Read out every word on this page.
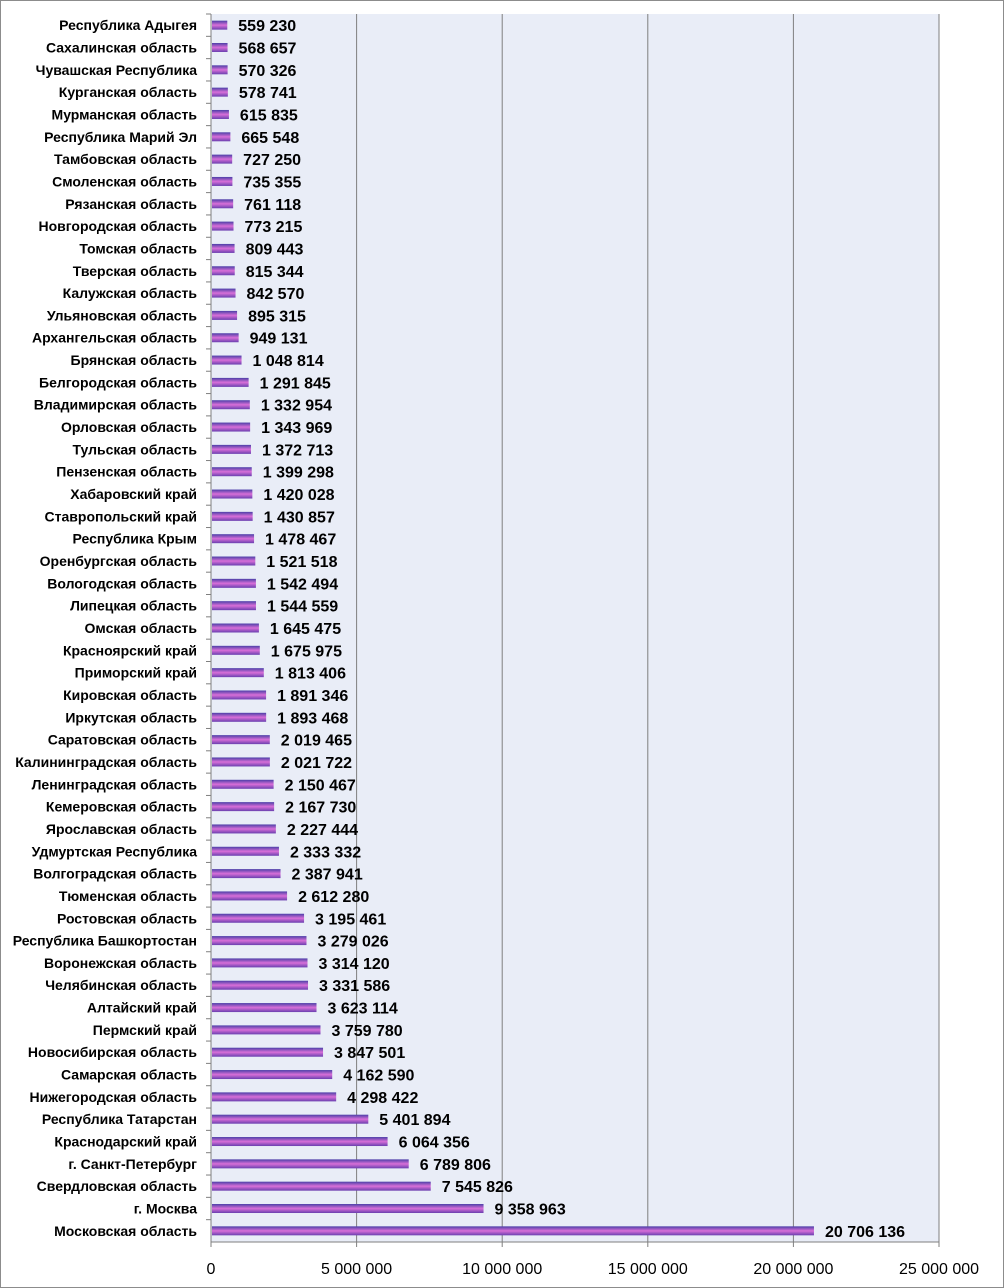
559 230
568 657
570 326
578 741
615 835
665 548
727 250
735 355
761 118
773 215
809 443
815 344
842 570
895 315
949 131
1 048 814
1 291 845
1 332 954
1 343 969
1 372 713
1 399 298
1 420 028
1 430 857
1 478 467
1 521 518
1 542 494
1 544 559
1 645 475
1 675 975
1 813 406
1 891 346
1 893 468
2 019 465
2 021 722
2 150 467
2 167 730
2 227 444
2 333 332
2 387 941
2 612 280
3 195 461
3 279 026
3 314 120
3 331 586
3 623 114
3 759 780
3 847 501
4 162 590
4 298 422
5 401 894
6 064 356
6 789 806
7 545 826
9 358 963
20 706 136
0	5 000 000	10 000 000	15 000 000	20 000 000	25 000 000
Республика Адыгея
Сахалинская область
Чувашская Республика
Курганская область
Мурманская область
Республика Марий Эл
Тамбовская область
Смоленская область
Рязанская область
Новгородская область
Томская область
Тверская область
Калужская область
Ульяновская область
Архангельская область
Брянская область
Белгородская область
Владимирская область
Орловская область
Тульская область
Пензенская область
Хабаровский край
Ставропольский край
Республика Крым
Оренбургская область
Вологодская область
Липецкая область
Омская область
Красноярский край
Приморский край
Кировская область
Иркутская область
Саратовская область
Калининградская область
Ленинградская область
Кемеровская область
Ярославская область
Удмуртская Республика
Волгоградская область
Тюменская область
Ростовская область
Республика Башкортостан
Воронежская область
Челябинская область
Алтайский край
Пермский край
Новосибирская область
Самарская область
Нижегородская область
Республика Татарстан
Краснодарский край
г. Санкт-Петербург
Свердловская область
г. Москва
Московская область
